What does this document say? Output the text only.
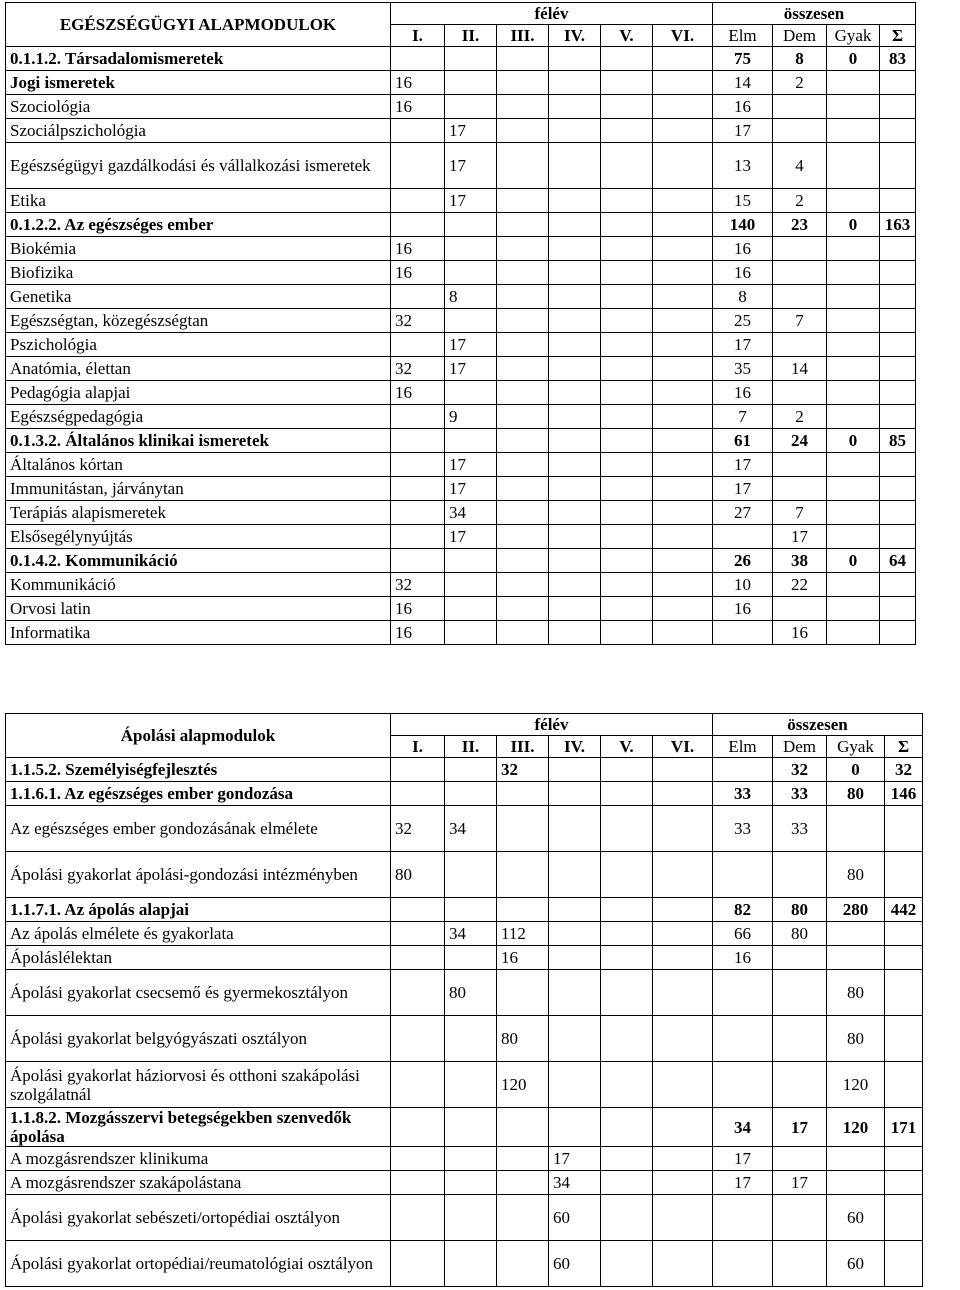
EGÉSZSÉGÜGYI ALAPMODULOK	félév						összesen			
	I.	II.	III.	IV.	V.	VI.	Elm	Dem	Gyak	Σ
0.1.1.2. Társadalomismeretek							75	8	0	83
Jogi ismeretek	16						14	2		
Szociológia	16						16			
Szociálpszichológia		17					17			
Egészségügyi gazdálkodási és vállalkozási ismeretek		17					13	4		
Etika		17					15	2		
0.1.2.2. Az egészséges ember							140	23	0	163
Biokémia	16						16			
Biofizika	16						16			
Genetika		8					8			
Egészségtan, közegészségtan	32						25	7		
Pszichológia		17					17			
Anatómia, élettan	32	17					35	14		
Pedagógia alapjai	16						16			
Egészségpedagógia		9					7	2		
0.1.3.2. Általános klinikai ismeretek							61	24	0	85
Általános kórtan		17					17			
Immunitástan, járványtan		17					17			
Terápiás alapismeretek		34					27	7		
Elsősegélynyújtás		17						17		
0.1.4.2. Kommunikáció							26	38	0	64
Kommunikáció	32						10	22		
Orvosi latin	16						16			
Informatika	16							16		
Ápolási alapmodulok	félév						összesen			
	I.	II.	III.	IV.	V.	VI.	Elm	Dem	Gyak	Σ
1.1.5.2. Személyiségfejlesztés			32					32	0	32
1.1.6.1. Az egészséges ember gondozása							33	33	80	146
Az egészséges ember gondozásának elmélete	32	34					33	33		
Ápolási gyakorlat ápolási-gondozási intézményben	80								80	
1.1.7.1. Az ápolás alapjai							82	80	280	442
Az ápolás elmélete és gyakorlata		34	112				66	80		
Ápoláslélektan			16				16			
Ápolási gyakorlat csecsemő és gyermekosztályon		80							80	
Ápolási gyakorlat belgyógyászati osztályon			80						80	
Ápolási gyakorlat háziorvosi és otthoni szakápolási szolgálatnál			120						120	
1.1.8.2. Mozgásszervi betegségekben szenvedők ápolása							34	17	120	171
A mozgásrendszer klinikuma				17			17			
A mozgásrendszer szakápolástana				34			17	17		
Ápolási gyakorlat sebészeti/ortopédiai osztályon				60					60	
Ápolási gyakorlat ortopédiai/reumatológiai osztályon				60					60	
